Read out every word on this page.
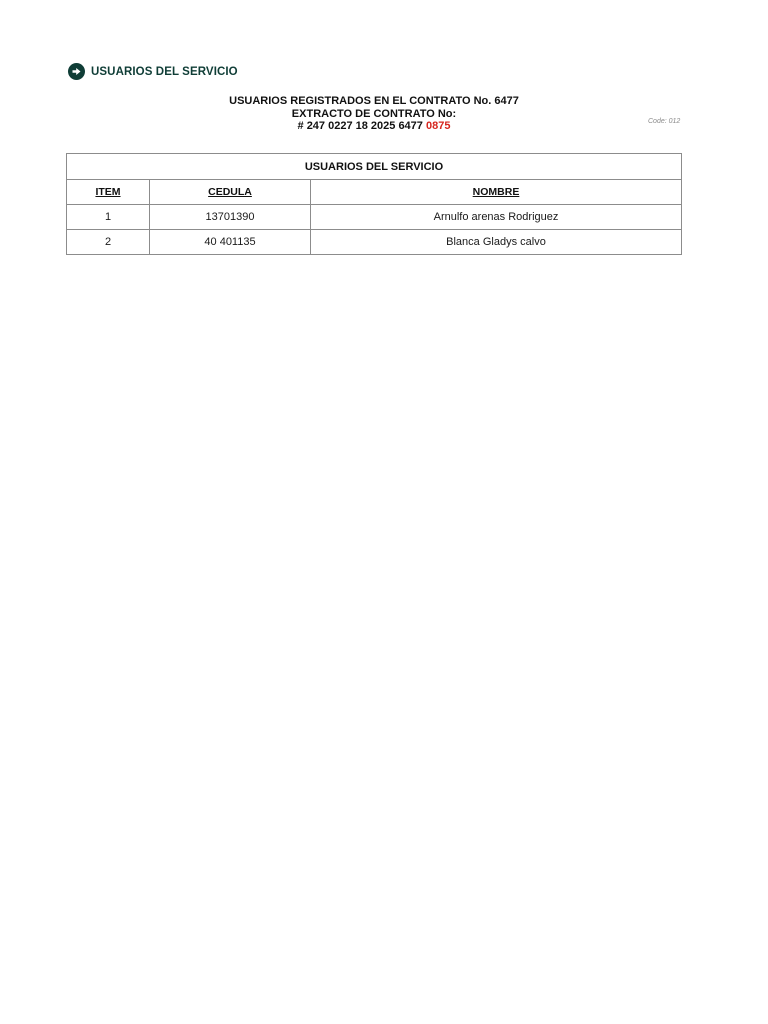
USUARIOS DEL SERVICIO
USUARIOS REGISTRADOS EN EL CONTRATO No. 6477
EXTRACTO DE CONTRATO No:
# 247 0227 18 2025 6477 0875	Code: 012
USUARIOS DEL SERVICIO		
ITEM	CEDULA	NOMBRE
1	13701390	Arnulfo arenas Rodriguez
2	40 401135	Blanca Gladys calvo
